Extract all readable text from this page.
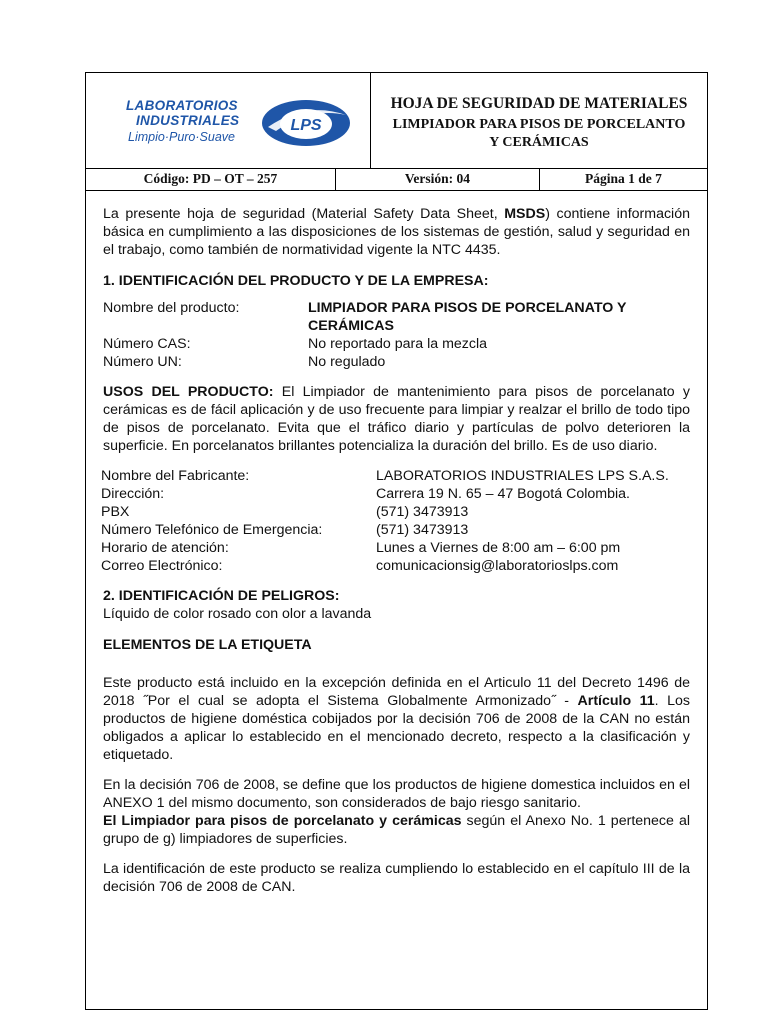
LABORATORIOS
INDUSTRIALES
Limpio·Puro·Suave
LPS
HOJA DE SEGURIDAD DE MATERIALES
LIMPIADOR PARA PISOS DE PORCELANTO
Y CERÁMICAS
Código: PD – OT – 257	Versión: 04	Página 1 de 7

La presente hoja de seguridad (Material Safety Data Sheet, MSDS) contiene información básica en cumplimiento a las disposiciones de los sistemas de gestión, salud y seguridad en el trabajo, como también de normatividad vigente la NTC 4435.

1. IDENTIFICACIÓN DEL PRODUCTO Y DE LA EMPRESA:

Nombre del producto:	LIMPIADOR PARA PISOS DE PORCELANATO Y
CERÁMICAS
Número CAS:	No reportado para la mezcla
Número UN:	No regulado

USOS DEL PRODUCTO: El Limpiador de mantenimiento para pisos de porcelanato y cerámicas es de fácil aplicación y de uso frecuente para limpiar y realzar el brillo de todo tipo de pisos de porcelanato. Evita que el tráfico diario y partículas de polvo deterioren la superficie. En porcelanatos brillantes potencializa la duración del brillo. Es de uso diario.

Nombre del Fabricante:	LABORATORIOS INDUSTRIALES LPS S.A.S.
Dirección:	Carrera 19 N. 65 – 47 Bogotá Colombia.
PBX	(571) 3473913
Número Telefónico de Emergencia:	(571) 3473913
Horario de atención:	Lunes a Viernes de 8:00 am – 6:00 pm
Correo Electrónico:	comunicacionsig@laboratorioslps.com

2. IDENTIFICACIÓN DE PELIGROS:

Líquido de color rosado con olor a lavanda

ELEMENTOS DE LA ETIQUETA

Este producto está incluido en la excepción definida en el Articulo 11 del Decreto 1496 de 2018 ˝Por el cual se adopta el Sistema Globalmente Armonizado˝ - Artículo 11. Los productos de higiene doméstica cobijados por la decisión 706 de 2008 de la CAN no están obligados a aplicar lo establecido en el mencionado decreto, respecto a la clasificación y etiquetado.

En la decisión 706 de 2008, se define que los productos de higiene domestica incluidos en el ANEXO 1 del mismo documento, son considerados de bajo riesgo sanitario.

El Limpiador para pisos de porcelanato y cerámicas según el Anexo No. 1 pertenece al grupo de g) limpiadores de superficies.

La identificación de este producto se realiza cumpliendo lo establecido en el capítulo III de la decisión 706 de 2008 de CAN.
